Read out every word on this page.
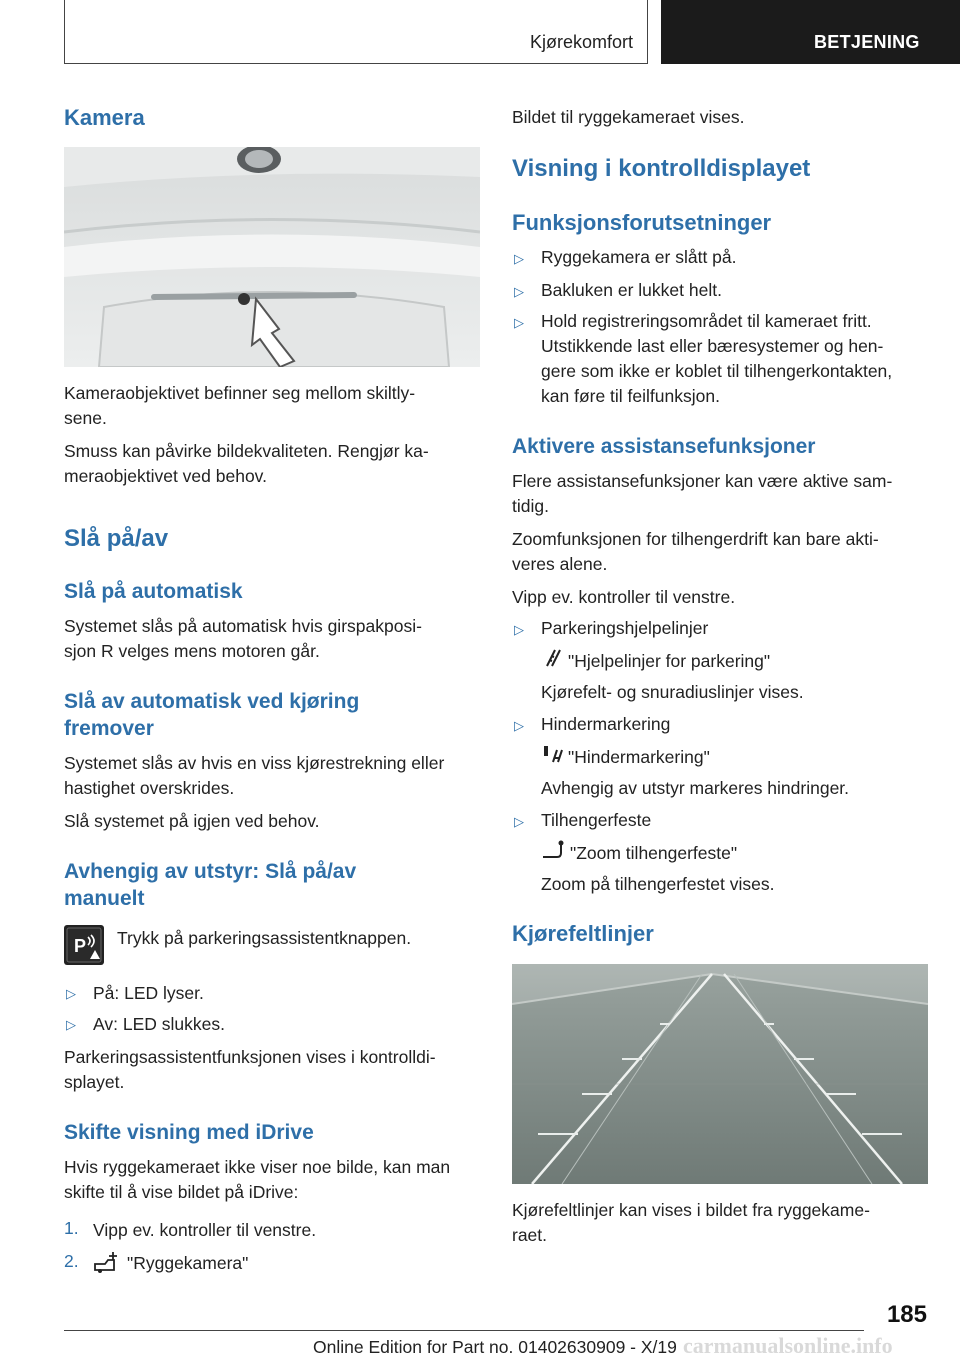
Kjørekomfort	BETJENING
Kamera

Kameraobjektivet befinner seg mellom skiltly‐

sene.

Smuss kan påvirke bildekvaliteten. Rengjør ka‐

meraobjektivet ved behov.

Slå på/av
Slå på automatisk

Systemet slås på automatisk hvis girspakposi‐

sjon R velges mens motoren går.

Slå av automatisk ved kjøring
fremover

Systemet slås av hvis en viss kjørestrekning eller

hastighet overskrides.

Slå systemet på igjen ved behov.

Avhengig av utstyr: Slå på/av
manuelt
P Trykk på parkeringsassistentknappen.

▷ På: LED lyser.

▷ Av: LED slukkes.

Parkeringsassistentfunksjonen vises i kontrolldi‐

splayet.

Skifte visning med iDrive

Hvis ryggekameraet ikke viser noe bilde, kan man

skifte til å vise bildet på iDrive:

1. Vipp ev. kontroller til venstre.

2.	"Ryggekamera"

Bildet til ryggekameraet vises.

Visning i kontrolldisplayet
Funksjonsforutsetninger
▷ Ryggekamera er slått på.

▷ Bakluken er lukket helt.

▷ Hold registreringsområdet til kameraet fritt.

Utstikkende last eller bæresystemer og hen‐

gere som ikke er koblet til tilhengerkontakten,

kan føre til feilfunksjon.

Aktivere assistansefunksjoner

Flere assistansefunksjoner kan være aktive sam‐

tidig.

Zoomfunksjonen for tilhengerdrift kan bare akti‐

veres alene.

Vipp ev. kontroller til venstre.

▷ Parkeringshjelpelinjer

"Hjelpelinjer for parkering"

Kjørefelt- og snuradiuslinjer vises.

▷ Hindermarkering

"Hindermarkering"

Avhengig av utstyr markeres hindringer.

▷ Tilhengerfeste

"Zoom tilhengerfeste"

Zoom på tilhengerfestet vises.

Kjørefeltlinjer

Kjørefeltlinjer kan vises i bildet fra ryggekame‐

raet.

185
Online Edition for Part no. 01402630909 - X/19 carmanualsonline.info
